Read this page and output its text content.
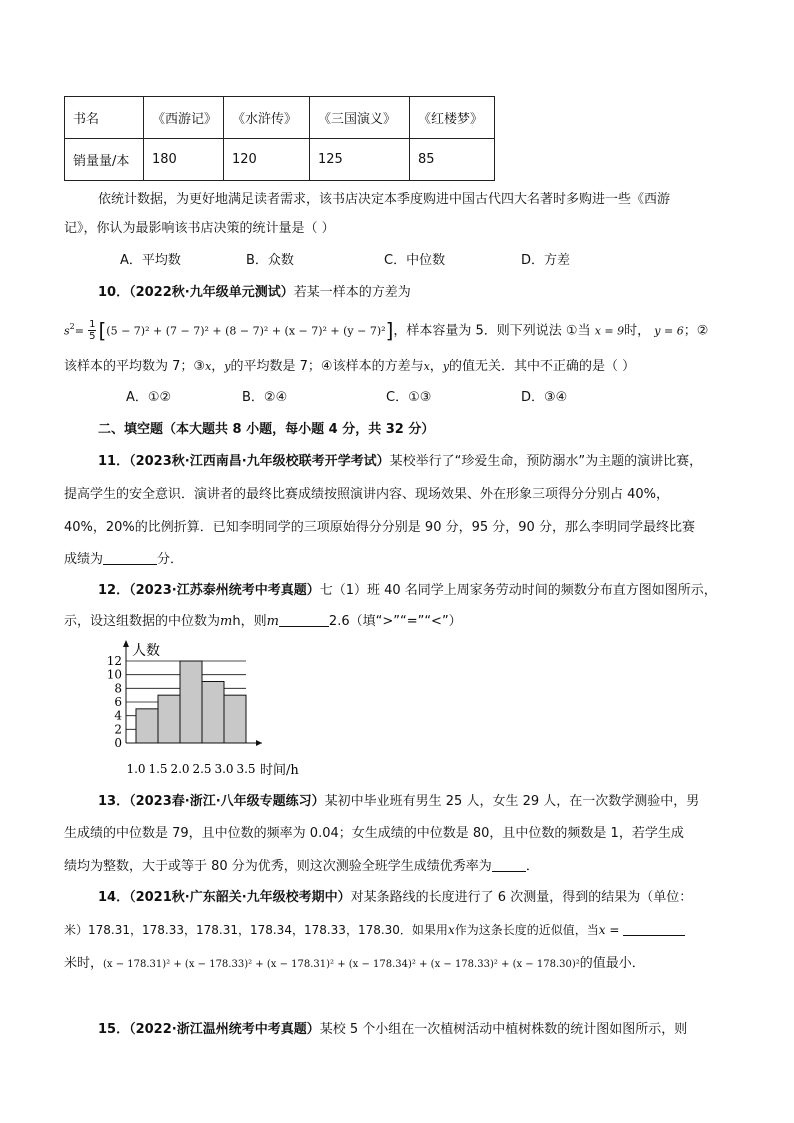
书名	《西游记》	《水浒传》	《三国演义》	《红楼梦》
销量量/本	180	120	125	85
依统计数据，为更好地满足读者需求，该书店决定本季度购进中国古代四大名著时多购进一些《西游
记》，你认为最影响该书店决策的统计量是（ ）
A．平均数	B．众数	C．中位数	D．方差
10．（2022秋·九年级单元测试）若某一样本的方差为
$s^2= \frac{1}{5} [(5 - 7)^2 + (7 - 7)^2 + (8 - 7)^2 + (x - 7)^2 + (y - 7)^2]$，样本容量为 5．则下列说法 ①当 x = 9时， y = 6；②
该样本的平均数为 7；③x，y的平均数是 7；④该样本的方差与x，y的值无关．其中不正确的是（ ）
A．①②	B．②④	C．①③	D．③④
二、填空题（本大题共 8 小题，每小题 4 分，共 32 分）
11．（2023秋·江西南昌·九年级校联考开学考试）某校举行了“珍爱生命，预防溺水”为主题的演讲比赛，
提高学生的安全意识．演讲者的最终比赛成绩按照演讲内容、现场效果、外在形象三项得分分别占 40%，
40%，20%的比例折算．已知李明同学的三项原始得分分别是 90 分，95 分，90 分，那么李明同学最终比赛
成绩为	分．
12．（2023·江苏泰州统考中考真题）七（1）班 40 名同学上周家务劳动时间的频数分布直方图如图所示，
示，设这组数据的中位数为mh，则m	2.6（填“>”“=”“<”）
0
2
4
6
8
10
12
人数
1.0 1.5 2.0 2.5 3.0 3.5 时间/h
13．（2023春·浙江·八年级专题练习）某初中毕业班有男生 25 人，女生 29 人，在一次数学测验中，男
生成绩的中位数是 79，且中位数的频率为 0.04；女生成绩的中位数是 80，且中位数的频数是 1，若学生成
绩均为整数，大于或等于 80 分为优秀，则这次测验全班学生成绩优秀率为	．
14．（2021秋·广东韶关·九年级校考期中）对某条路线的长度进行了 6 次测量，得到的结果为（单位：
米）178.31，178.33，178.31，178.34，178.33，178.30．如果用x作为这条长度的近似值，当x =
米时，(x − 178.31)² + (x − 178.33)² + (x − 178.31)² + (x − 178.34)² + (x − 178.33)² + (x − 178.30)²的值最小．
15．（2022·浙江温州统考中考真题）某校 5 个小组在一次植树活动中植树株数的统计图如图所示，则
